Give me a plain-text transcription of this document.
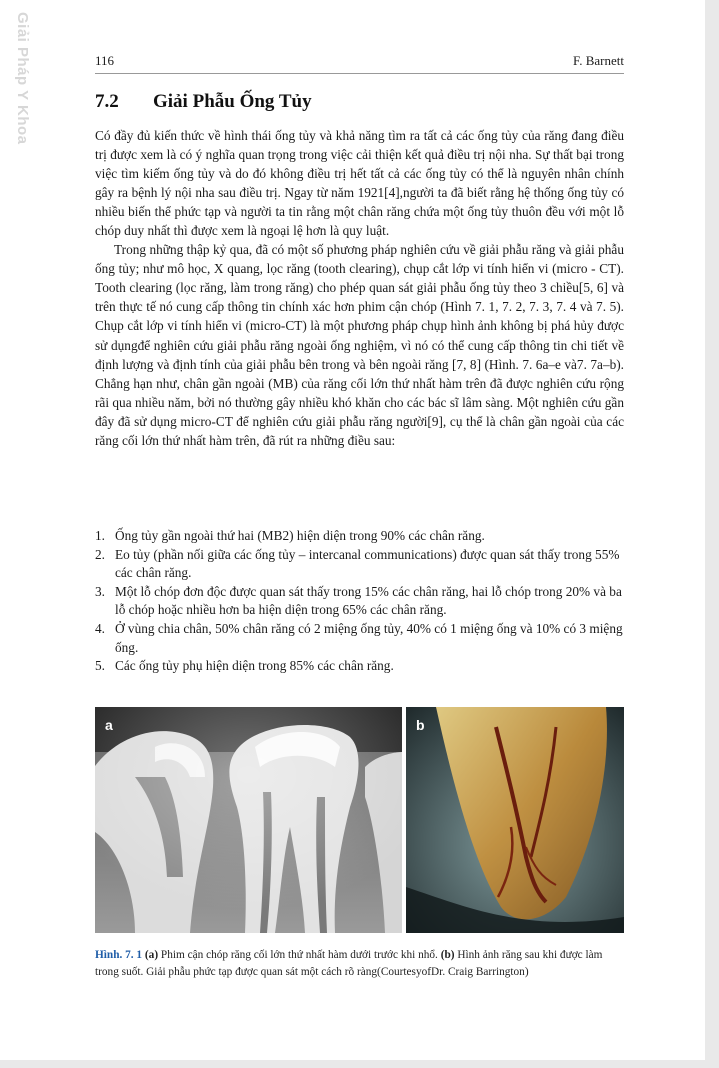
Giải Pháp Y Khoa	116	F. Barnett
7.2 Giải Phẫu Ống Tủy

Có đầy đủ kiến thức về hình thái ống tủy và khả năng tìm ra tất cả các ống tủy của răng đang điều trị được xem là có ý nghĩa quan trọng trong việc cải thiện kết quả điều trị nội nha. Sự thất bại trong việc tìm kiếm ống tủy và do đó không điều trị hết tất cả các ống tủy có thể là nguyên nhân chính gây ra bệnh lý nội nha sau điều trị. Ngay từ năm 1921[4],người ta đã biết rằng hệ thống ống tủy có nhiều biến thể phức tạp và người ta tin rằng một chân răng chứa một ống tủy thuôn đều với một lỗ chóp duy nhất thì được xem là ngoại lệ hơn là quy luật.

Trong những thập kỷ qua, đã có một số phương pháp nghiên cứu về giải phẫu răng và giải phẫu ống tủy; như mô học, X quang, lọc răng (tooth clearing), chụp cắt lớp vi tính hiển vi (micro - CT). Tooth clearing (lọc răng, làm trong răng) cho phép quan sát giải phẫu ống tủy theo 3 chiều[5, 6] và trên thực tế nó cung cấp thông tin chính xác hơn phim cận chóp (Hình 7. 1, 7. 2, 7. 3, 7. 4 và 7. 5). Chụp cắt lớp vi tính hiển vi (micro-CT) là một phương pháp chụp hình ảnh không bị phá hủy được sử dụngđể nghiên cứu giải phẫu răng ngoài ống nghiệm, vì nó có thể cung cấp thông tin chi tiết về định lượng và định tính của giải phẫu bên trong và bên ngoài răng [7, 8] (Hình. 7. 6a–e và7. 7a–b). Chẳng hạn như, chân gần ngoài (MB) của răng cối lớn thứ nhất hàm trên đã được nghiên cứu rộng rãi qua nhiều năm, bởi nó thường gây nhiều khó khăn cho các bác sĩ lâm sàng. Một nghiên cứu gần đây đã sử dụng micro-CT để nghiên cứu giải phẫu răng người[9], cụ thể là chân gần ngoài của các răng cối lớn thứ nhất hàm trên, đã rút ra những điều sau:

1. Ống tủy gần ngoài thứ hai (MB2) hiện diện trong 90% các chân răng.
2. Eo tủy (phần nối giữa các ống tủy – intercanal communications) được quan sát thấy trong 55% các chân răng.
3. Một lỗ chóp đơn độc được quan sát thấy trong 15% các chân răng, hai lỗ chóp trong 20% và ba lỗ chóp hoặc nhiều hơn ba hiện diện trong 65% các chân răng.
4. Ở vùng chia chân, 50% chân răng có 2 miệng ống tủy, 40% có 1 miệng ống và 10% có 3 miệng ống.
5. Các ống tủy phụ hiện diện trong 85% các chân răng.
a	b

Hình. 7. 1 (a) Phim cận chóp răng cối lớn thứ nhất hàm dưới trước khi nhổ. (b) Hình ảnh răng sau khi được làm trong suốt. Giải phẫu phức tạp được quan sát một cách rõ ràng(CourtesyofDr. Craig Barrington)
